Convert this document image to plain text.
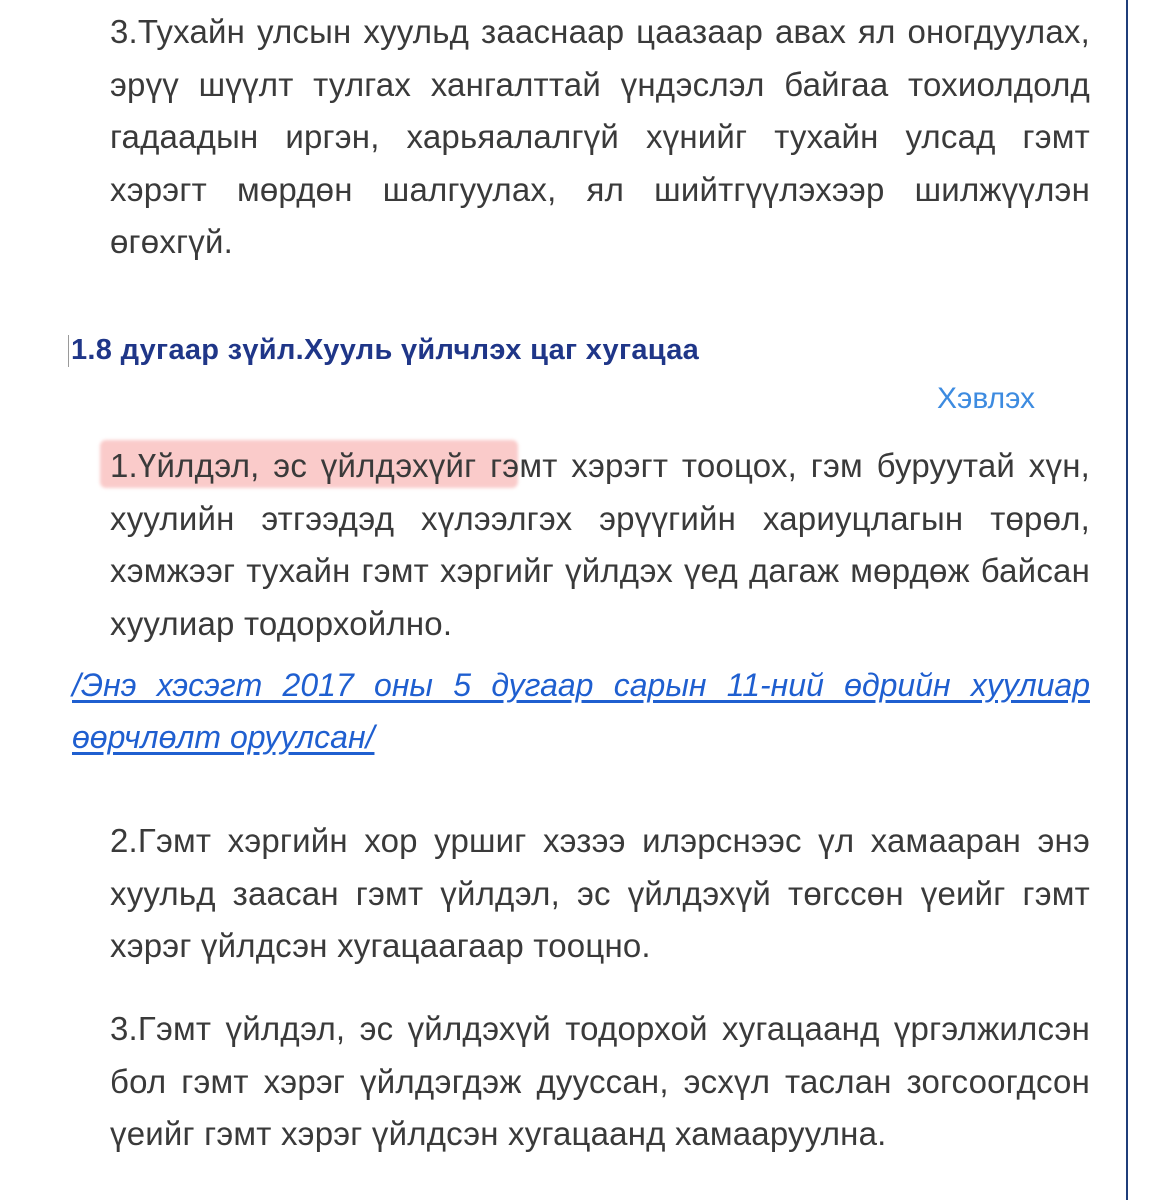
3.Тухайн улсын хуульд зааснаар цаазаар авах ял оногдуулах, эрүү шүүлт тулгах хангалттай үндэслэл байгаа тохиолдолд гадаадын иргэн, харьяалалгүй хүнийг тухайн улсад гэмт хэрэгт мөрдөн шалгуулах, ял шийтгүүлэхээр шилжүүлэн өгөхгүй.

1.8 дугаар зүйл.Хууль үйлчлэх цаг хугацаа
Хэвлэх

1.Үйлдэл, эс үйлдэхүйг гэмт хэрэгт тооцох, гэм буруутай хүн, хуулийн этгээдэд хүлээлгэх эрүүгийн хариуцлагын төрөл, хэмжээг тухайн гэмт хэргийг үйлдэх үед дагаж мөрдөж байсан хуулиар тодорхойлно.

/Энэ хэсэгт 2017 оны 5 дугаар сарын 11-ний өдрийн хуулиар өөрчлөлт оруулсан/

2.Гэмт хэргийн хор уршиг хэзээ илэрснээс үл хамааран энэ хуульд заасан гэмт үйлдэл, эс үйлдэхүй төгссөн үеийг гэмт хэрэг үйлдсэн хугацаагаар тооцно.

3.Гэмт үйлдэл, эс үйлдэхүй тодорхой хугацаанд үргэлжилсэн бол гэмт хэрэг үйлдэгдэж дууссан, эсхүл таслан зогсоогдсон үеийг гэмт хэрэг үйлдсэн хугацаанд хамааруулна.
